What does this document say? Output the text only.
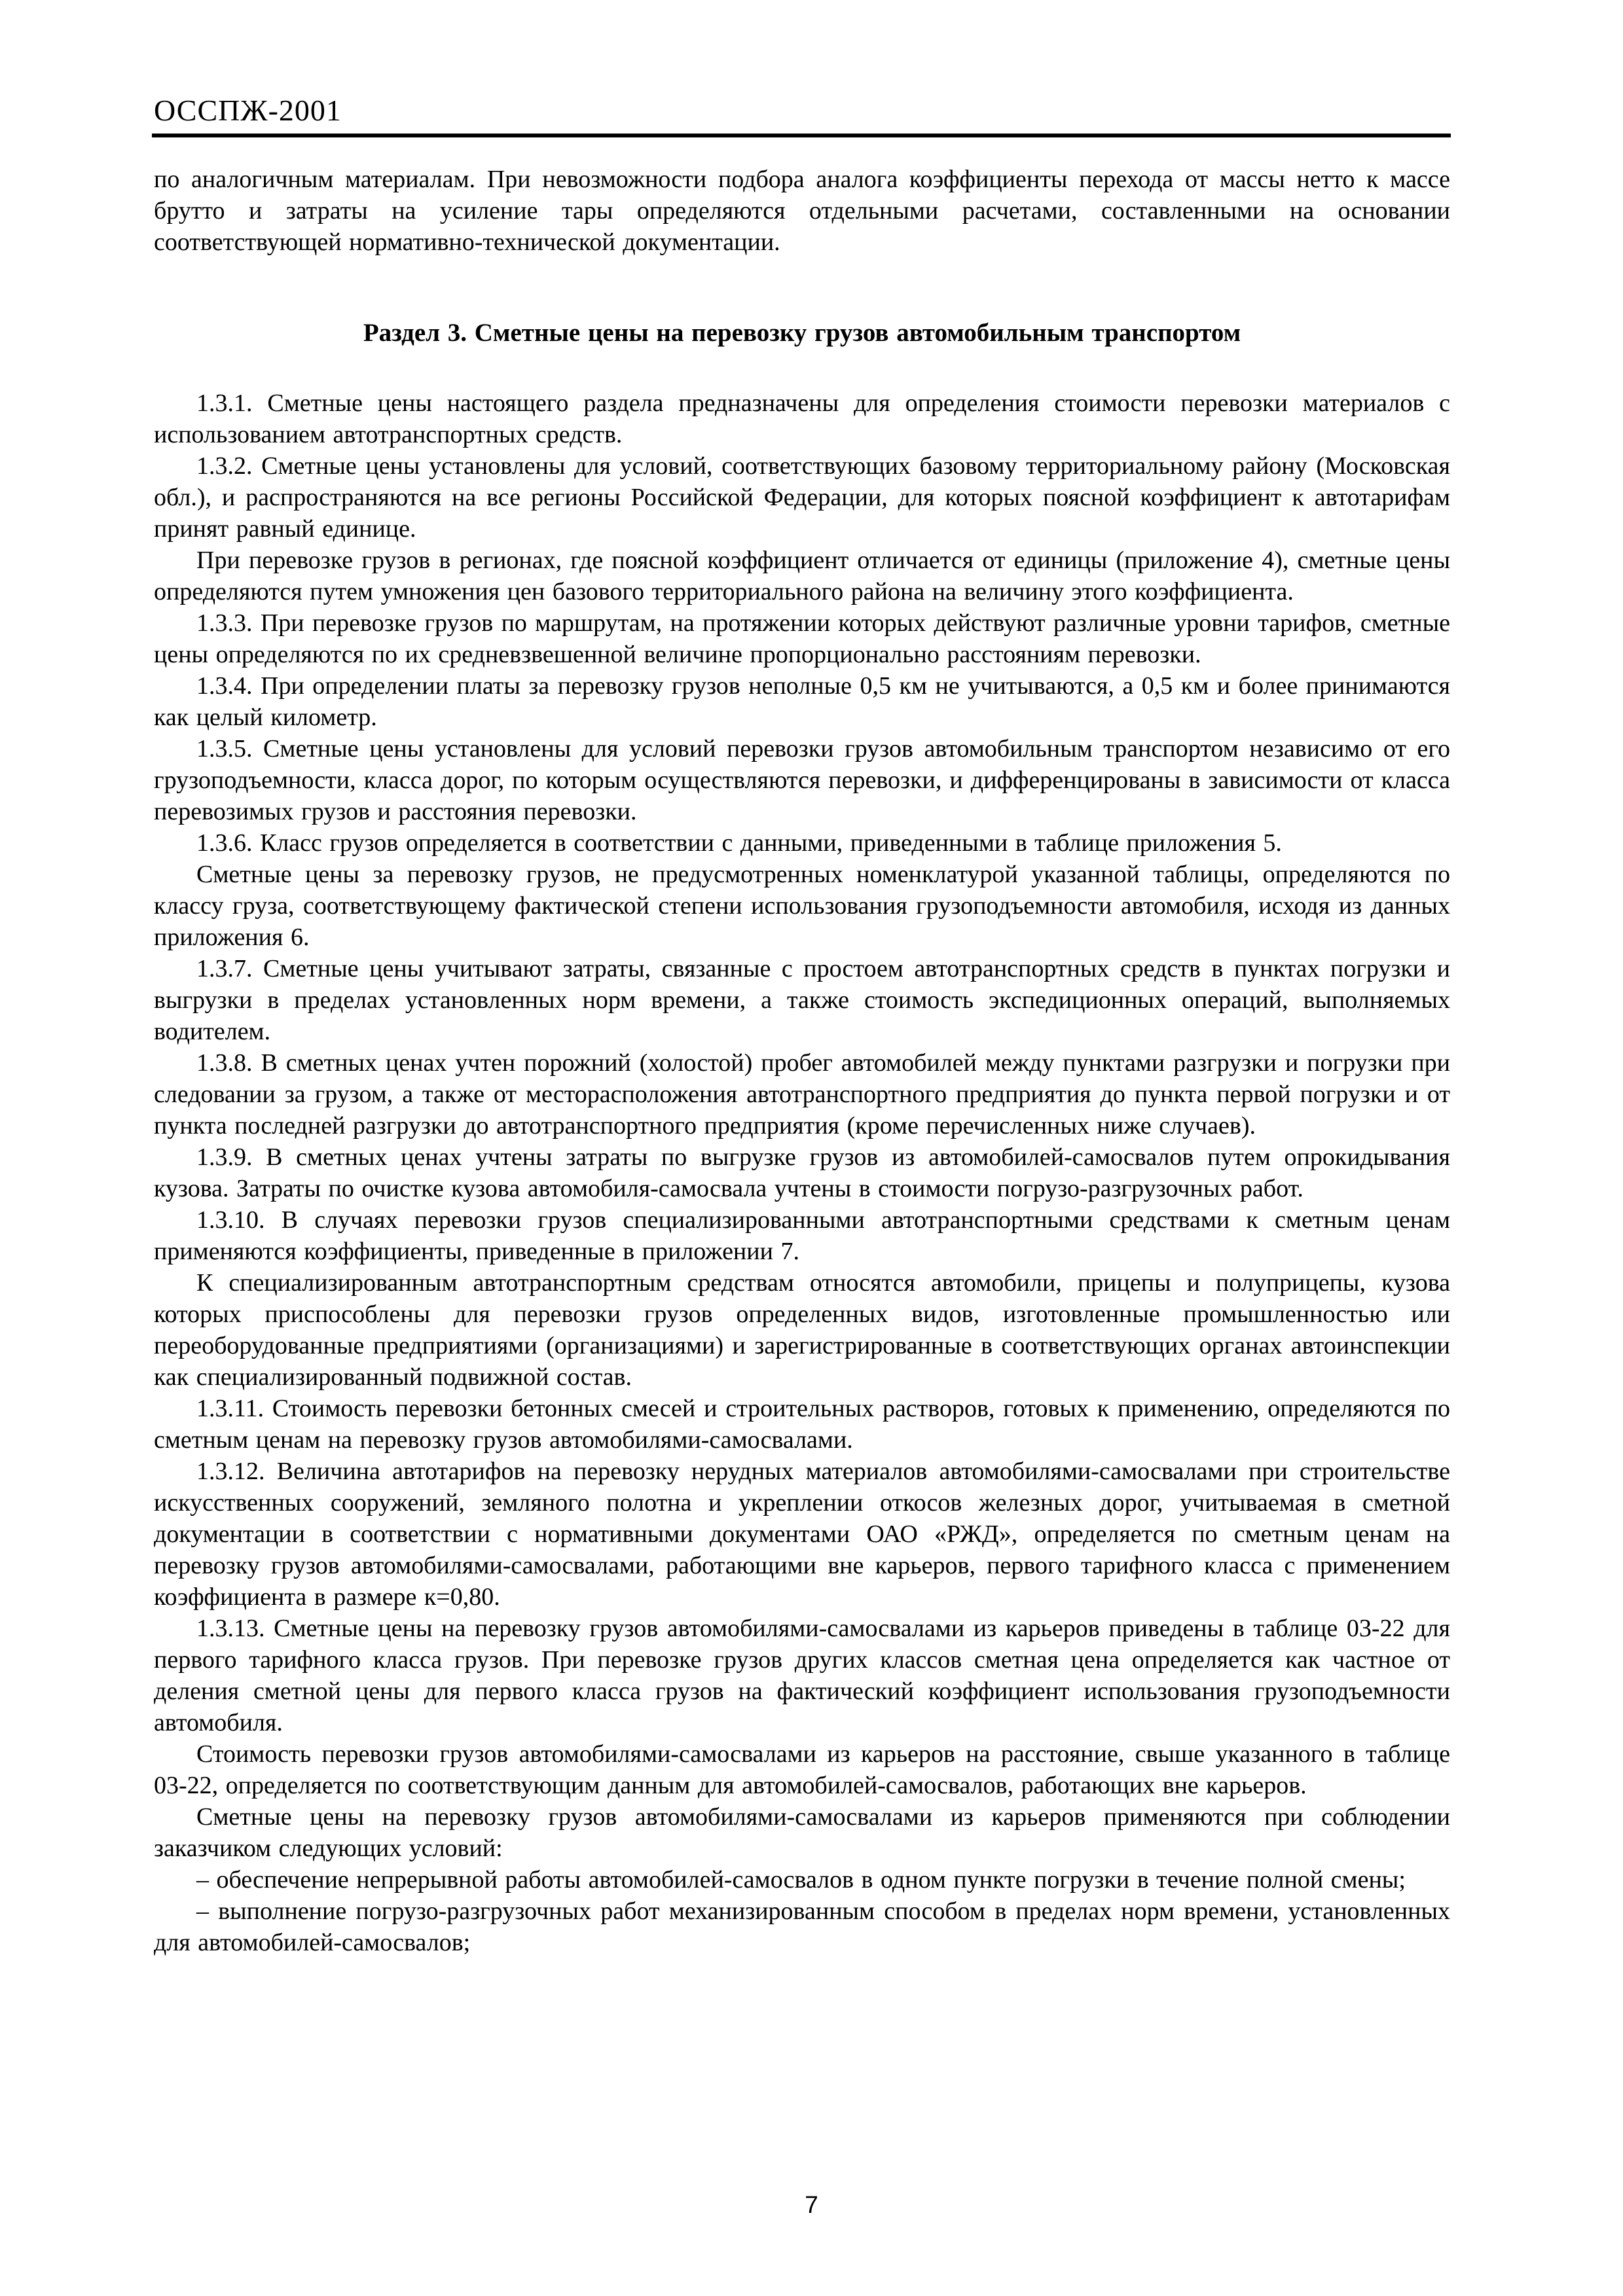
ОССПЖ-2001

по аналогичным материалам. При невозможности подбора аналога коэффициенты перехода от массы нетто к массе брутто и затраты на усиление тары определяются отдельными расчетами, составленными на основании соответствующей нормативно-технической документации.

Раздел 3. Сметные цены на перевозку грузов автомобильным транспортом

1.3.1. Сметные цены настоящего раздела предназначены для определения стоимости перевозки материалов с использованием автотранспортных средств.

1.3.2. Сметные цены установлены для условий, соответствующих базовому территориальному району (Московская обл.), и распространяются на все регионы Российской Федерации, для которых поясной коэффициент к автотарифам принят равный единице.

При перевозке грузов в регионах, где поясной коэффициент отличается от единицы (приложение 4), сметные цены определяются путем умножения цен базового территориального района на величину этого коэффициента.

1.3.3. При перевозке грузов по маршрутам, на протяжении которых действуют различные уровни тарифов, сметные цены определяются по их средневзвешенной величине пропорционально расстояниям перевозки.

1.3.4. При определении платы за перевозку грузов неполные 0,5 км не учитываются, а 0,5 км и более принимаются как целый километр.

1.3.5. Сметные цены установлены для условий перевозки грузов автомобильным транспортом независимо от его грузоподъемности, класса дорог, по которым осуществляются перевозки, и дифференцированы в зависимости от класса перевозимых грузов и расстояния перевозки.

1.3.6. Класс грузов определяется в соответствии с данными, приведенными в таблице приложения 5.

Сметные цены за перевозку грузов, не предусмотренных номенклатурой указанной таблицы, определяются по классу груза, соответствующему фактической степени использования грузоподъемности автомобиля, исходя из данных приложения 6.

1.3.7. Сметные цены учитывают затраты, связанные с простоем автотранспортных средств в пунктах погрузки и выгрузки в пределах установленных норм времени, а также стоимость экспедиционных операций, выполняемых водителем.

1.3.8. В сметных ценах учтен порожний (холостой) пробег автомобилей между пунктами разгрузки и погрузки при следовании за грузом, а также от месторасположения автотранспортного предприятия до пункта первой погрузки и от пункта последней разгрузки до автотранспортного предприятия (кроме перечисленных ниже случаев).

1.3.9. В сметных ценах учтены затраты по выгрузке грузов из автомобилей-самосвалов путем опрокидывания кузова. Затраты по очистке кузова автомобиля-самосвала учтены в стоимости погрузо-разгрузочных работ.

1.3.10. В случаях перевозки грузов специализированными автотранспортными средствами к сметным ценам применяются коэффициенты, приведенные в приложении 7.

К специализированным автотранспортным средствам относятся автомобили, прицепы и полуприцепы, кузова которых приспособлены для перевозки грузов определенных видов, изготовленные промышленностью или переоборудованные предприятиями (организациями) и зарегистрированные в соответствующих органах автоинспекции как специализированный подвижной состав.

1.3.11. Стоимость перевозки бетонных смесей и строительных растворов, готовых к применению, определяются по сметным ценам на перевозку грузов автомобилями-самосвалами.

1.3.12. Величина автотарифов на перевозку нерудных материалов автомобилями-самосвалами при строительстве искусственных сооружений, земляного полотна и укреплении откосов железных дорог, учитываемая в сметной документации в соответствии с нормативными документами ОАО «РЖД», определяется по сметным ценам на перевозку грузов автомобилями-самосвалами, работающими вне карьеров, первого тарифного класса с применением коэффициента в размере к=0,80.

1.3.13. Сметные цены на перевозку грузов автомобилями-самосвалами из карьеров приведены в таблице 03-22 для первого тарифного класса грузов. При перевозке грузов других классов сметная цена определяется как частное от деления сметной цены для первого класса грузов на фактический коэффициент использования грузоподъемности автомобиля.

Стоимость перевозки грузов автомобилями-самосвалами из карьеров на расстояние, свыше указанного в таблице 03-22, определяется по соответствующим данным для автомобилей-самосвалов, работающих вне карьеров.

Сметные цены на перевозку грузов автомобилями-самосвалами из карьеров применяются при соблюдении заказчиком следующих условий:

– обеспечение непрерывной работы автомобилей-самосвалов в одном пункте погрузки в течение полной смены;

– выполнение погрузо-разгрузочных работ механизированным способом в пределах норм времени, установленных для автомобилей-самосвалов;

7
